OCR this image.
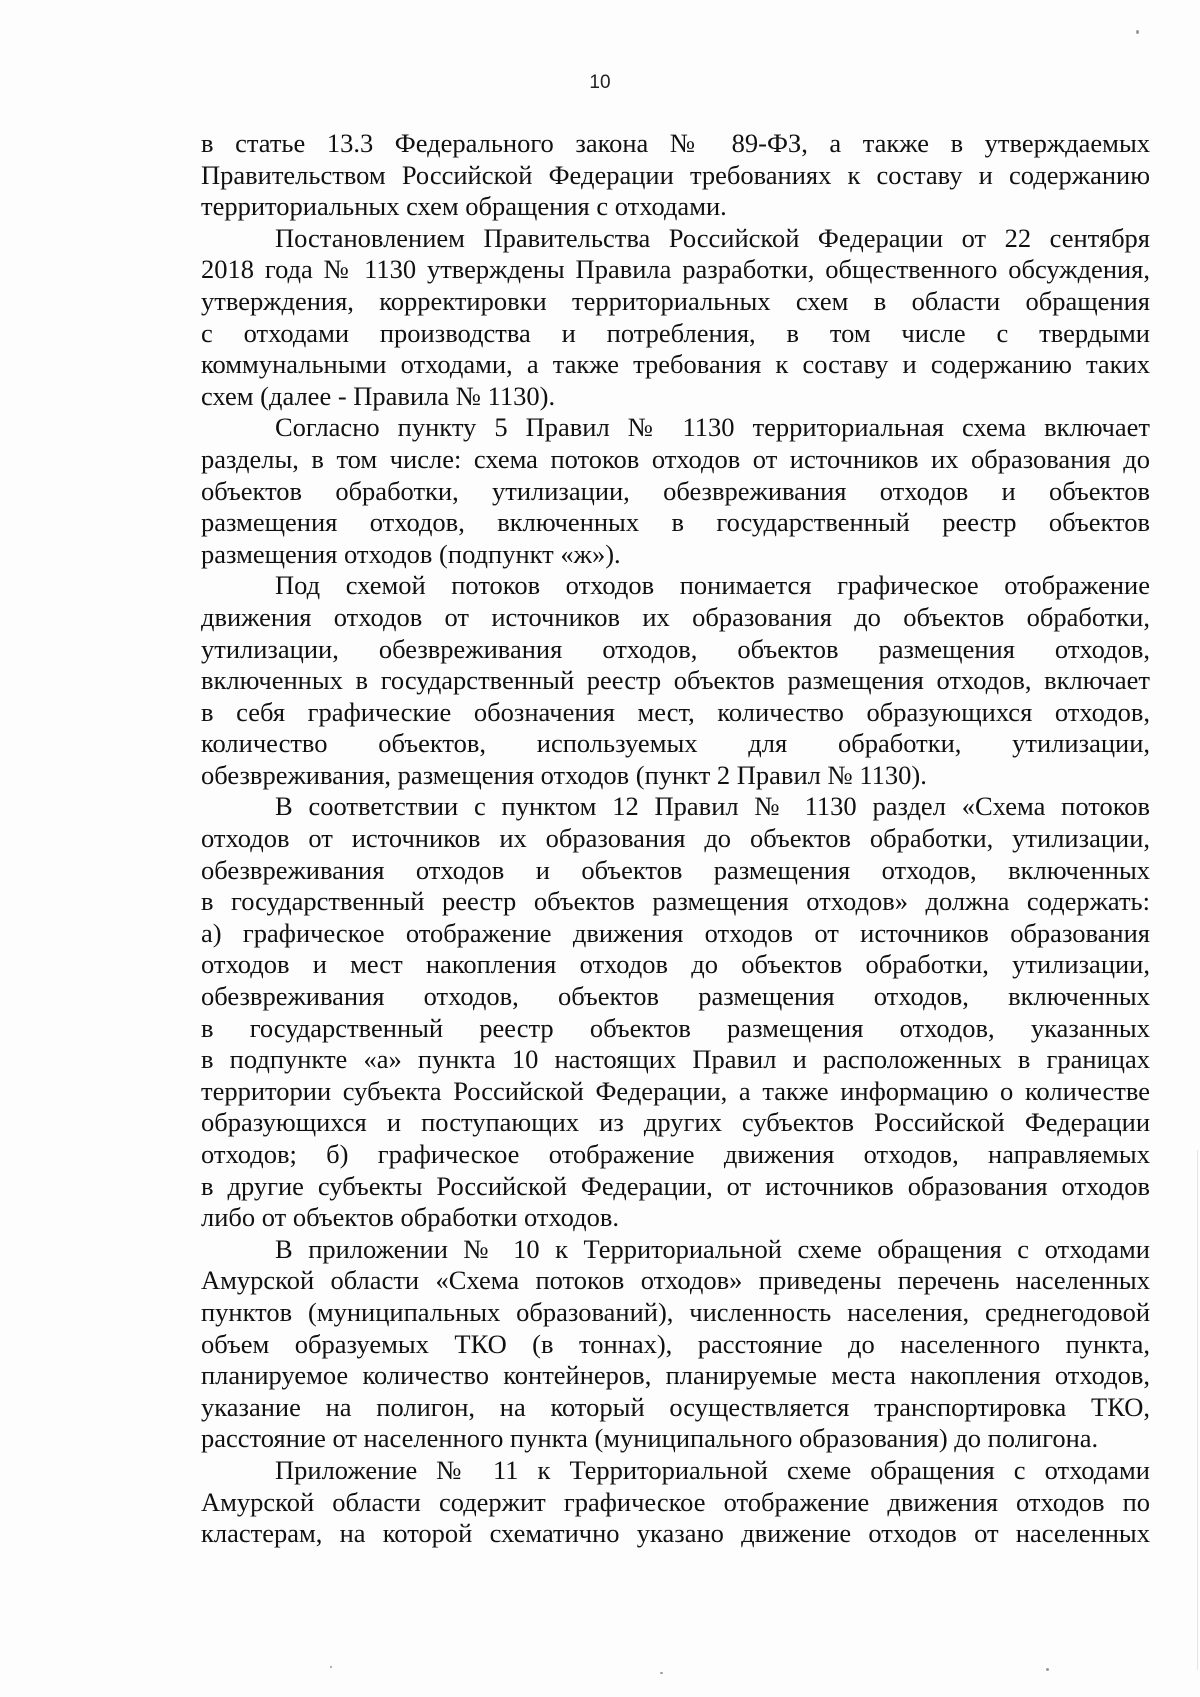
10
в статье 13.3 Федерального закона № 89-ФЗ, а также в утверждаемых
Правительством Российской Федерации требованиях к составу и содержанию
территориальных схем обращения с отходами.
Постановлением Правительства Российской Федерации от 22 сентября
2018 года № 1130 утверждены Правила разработки, общественного обсуждения,
утверждения, корректировки территориальных схем в области обращения
с отходами производства и потребления, в том числе с твердыми
коммунальными отходами, а также требования к составу и содержанию таких
схем (далее - Правила № 1130).
Согласно пункту 5 Правил № 1130 территориальная схема включает
разделы, в том числе: схема потоков отходов от источников их образования до
объектов обработки, утилизации, обезвреживания отходов и объектов
размещения отходов, включенных в государственный реестр объектов
размещения отходов (подпункт «ж»).
Под схемой потоков отходов понимается графическое отображение
движения отходов от источников их образования до объектов обработки,
утилизации, обезвреживания отходов, объектов размещения отходов,
включенных в государственный реестр объектов размещения отходов, включает
в себя графические обозначения мест, количество образующихся отходов,
количество объектов, используемых для обработки, утилизации,
обезвреживания, размещения отходов (пункт 2 Правил № 1130).
В соответствии с пунктом 12 Правил № 1130 раздел «Схема потоков
отходов от источников их образования до объектов обработки, утилизации,
обезвреживания отходов и объектов размещения отходов, включенных
в государственный реестр объектов размещения отходов» должна содержать:
а) графическое отображение движения отходов от источников образования
отходов и мест накопления отходов до объектов обработки, утилизации,
обезвреживания отходов, объектов размещения отходов, включенных
в государственный реестр объектов размещения отходов, указанных
в подпункте «а» пункта 10 настоящих Правил и расположенных в границах
территории субъекта Российской Федерации, а также информацию о количестве
образующихся и поступающих из других субъектов Российской Федерации
отходов; б) графическое отображение движения отходов, направляемых
в другие субъекты Российской Федерации, от источников образования отходов
либо от объектов обработки отходов.
В приложении № 10 к Территориальной схеме обращения с отходами
Амурской области «Схема потоков отходов» приведены перечень населенных
пунктов (муниципальных образований), численность населения, среднегодовой
объем образуемых ТКО (в тоннах), расстояние до населенного пункта,
планируемое количество контейнеров, планируемые места накопления отходов,
указание на полигон, на который осуществляется транспортировка ТКО,
расстояние от населенного пункта (муниципального образования) до полигона.
Приложение № 11 к Территориальной схеме обращения с отходами
Амурской области содержит графическое отображение движения отходов по
кластерам, на которой схематично указано движение отходов от населенных
